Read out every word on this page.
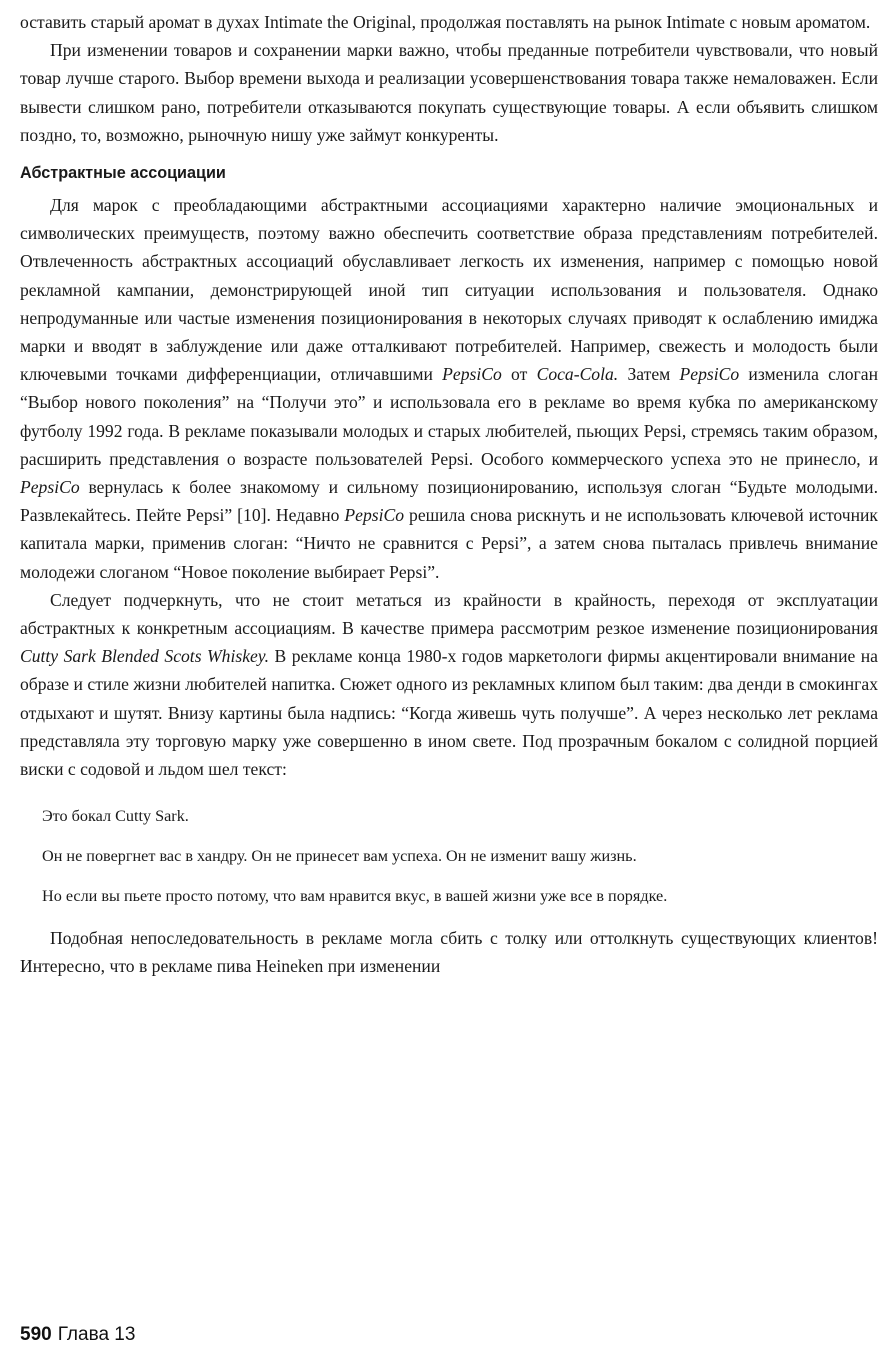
оставить старый аромат в духах Intimate the Original, продолжая поставлять на рынок Intimate с новым ароматом.

При изменении товаров и сохранении марки важно, чтобы преданные потребители чувствовали, что новый товар лучше старого. Выбор времени выхода и реализации усовершенствования товара также немаловажен. Если вывести слишком рано, потребители отказываются покупать существующие товары. А если объявить слишком поздно, то, возможно, рыночную нишу уже займут конкуренты.

Абстрактные ассоциации

Для марок с преобладающими абстрактными ассоциациями характерно наличие эмоциональных и символических преимуществ, поэтому важно обеспечить соответствие образа представлениям потребителей. Отвлеченность абстрактных ассоциаций обуславливает легкость их изменения, например с помощью новой рекламной кампании, демонстрирующей иной тип ситуации использования и пользователя. Однако непродуманные или частые изменения позиционирования в некоторых случаях приводят к ослаблению имиджа марки и вводят в заблуждение или даже отталкивают потребителей. Например, свежесть и молодость были ключевыми точками дифференциации, отличавшими PepsiCo от Coca-Cola. Затем PepsiCo изменила слоган “Выбор нового поколения” на “Получи это” и использовала его в рекламе во время кубка по американскому футболу 1992 года. В рекламе показывали молодых и старых любителей, пьющих Pepsi, стремясь таким образом, расширить представления о возрасте пользователей Pepsi. Особого коммерческого успеха это не принесло, и PepsiCo вернулась к более знакомому и сильному позиционированию, используя слоган “Будьте молодыми. Развлекайтесь. Пейте Pepsi” [10]. Недавно PepsiCo решила снова рискнуть и не использовать ключевой источник капитала марки, применив слоган: “Ничто не сравнится с Pepsi”, а затем снова пыталась привлечь внимание молодежи слоганом “Новое поколение выбирает Pepsi”.

Следует подчеркнуть, что не стоит метаться из крайности в крайность, переходя от эксплуатации абстрактных к конкретным ассоциациям. В качестве примера рассмотрим резкое изменение позиционирования Cutty Sark Blended Scots Whiskey. В рекламе конца 1980-х годов маркетологи фирмы акцентировали внимание на образе и стиле жизни любителей напитка. Сюжет одного из рекламных клипом был таким: два денди в смокингах отдыхают и шутят. Внизу картины была надпись: “Когда живешь чуть получше”. А через несколько лет реклама представляла эту торговую марку уже совершенно в ином свете. Под прозрачным бокалом с солидной порцией виски с содовой и льдом шел текст:

Это бокал Cutty Sark.

Он не повергнет вас в хандру. Он не принесет вам успеха. Он не изменит вашу жизнь.

Но если вы пьете просто потому, что вам нравится вкус, в вашей жизни уже все в порядке.

Подобная непоследовательность в рекламе могла сбить с толку или оттолкнуть существующих клиентов! Интересно, что в рекламе пива Heineken при изменении

590 Глава 13
